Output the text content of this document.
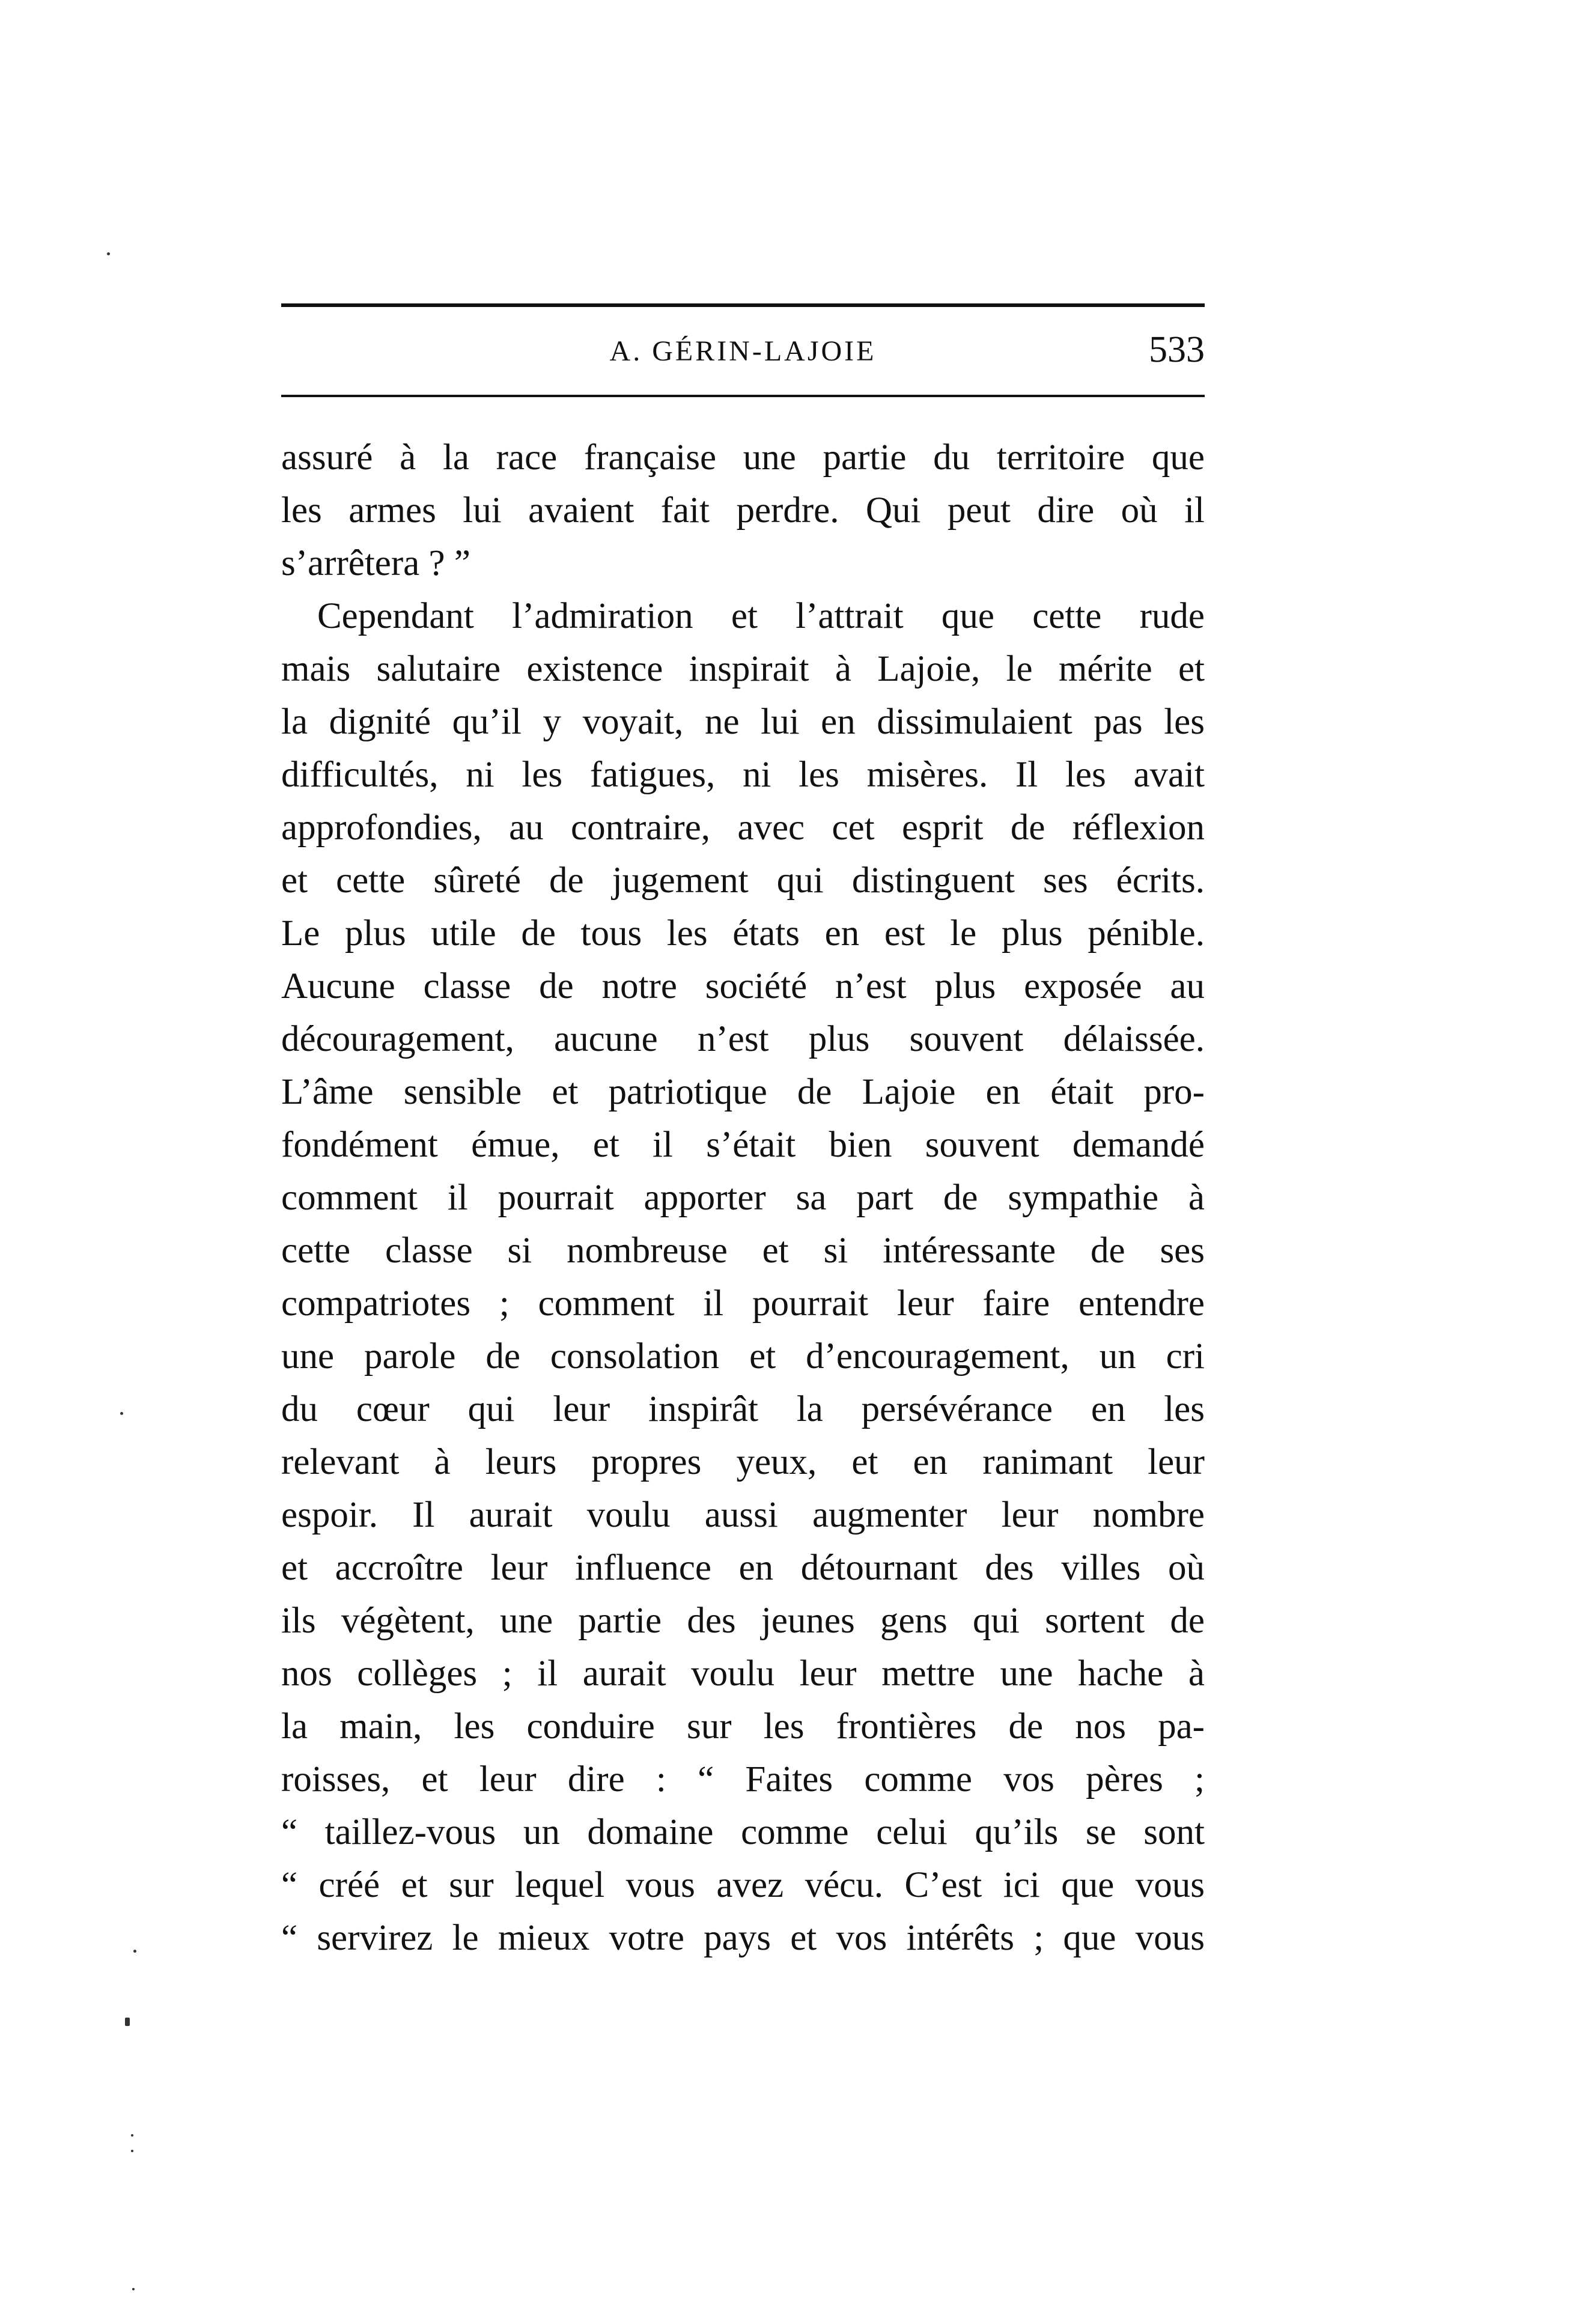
A. GÉRIN-LAJOIE	533
assuré à la race française une partie du territoire que
les armes lui avaient fait perdre. Qui peut dire où il
s’arrêtera ? ”
Cependant l’admiration et l’attrait que cette rude
mais salutaire existence inspirait à Lajoie, le mérite et
la dignité qu’il y voyait, ne lui en dissimulaient pas les
difficultés, ni les fatigues, ni les misères. Il les avait
approfondies, au contraire, avec cet esprit de réflexion
et cette sûreté de jugement qui distinguent ses écrits.
Le plus utile de tous les états en est le plus pénible.
Aucune classe de notre société n’est plus exposée au
découragement, aucune n’est plus souvent délaissée.
L’âme sensible et patriotique de Lajoie en était pro-
fondément émue, et il s’était bien souvent demandé
comment il pourrait apporter sa part de sympathie à
cette classe si nombreuse et si intéressante de ses
compatriotes ; comment il pourrait leur faire entendre
une parole de consolation et d’encouragement, un cri
du cœur qui leur inspirât la persévérance en les
relevant à leurs propres yeux, et en ranimant leur
espoir. Il aurait voulu aussi augmenter leur nombre
et accroître leur influence en détournant des villes où
ils végètent, une partie des jeunes gens qui sortent de
nos collèges ; il aurait voulu leur mettre une hache à
la main, les conduire sur les frontières de nos pa-
roisses, et leur dire : “ Faites comme vos pères ;
“ taillez-vous un domaine comme celui qu’ils se sont
“ créé et sur lequel vous avez vécu. C’est ici que vous
“ servirez le mieux votre pays et vos intérêts ; que vous
